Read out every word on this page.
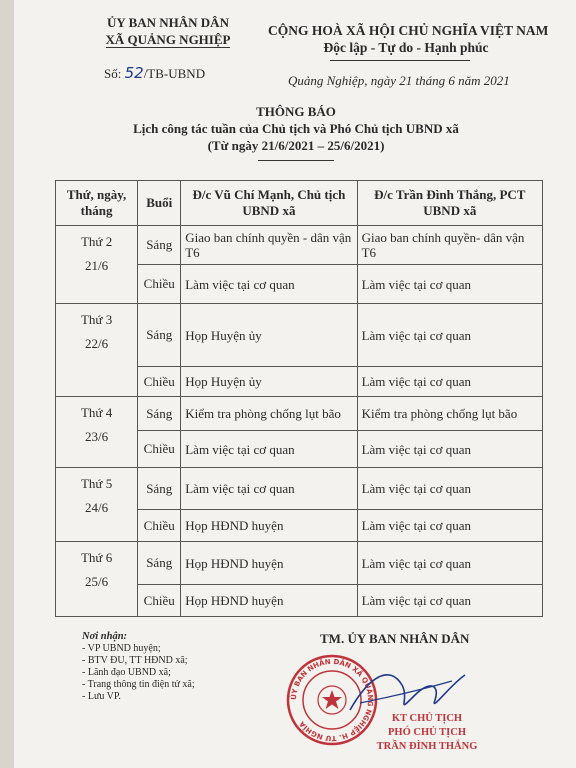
ỦY BAN NHÂN DÂN
XÃ QUẢNG NGHIỆP
CỘNG HOÀ XÃ HỘI CHỦ NGHĨA VIỆT NAM
Độc lập - Tự do - Hạnh phúc
Số: 52/TB-UBND	Quảng Nghiệp, ngày 21 tháng 6 năm 2021
THÔNG BÁO
Lịch công tác tuần của Chủ tịch và Phó Chủ tịch UBND xã
(Từ ngày 21/6/2021 – 25/6/2021)
Thứ, ngày, tháng	Buổi	Đ/c Vũ Chí Mạnh, Chủ tịch UBND xã	Đ/c Trần Đình Thắng, PCT UBND xã

Thứ 2
21/6	Sáng	Giao ban chính quyền - dân vận T6	Giao ban chính quyền- dân vận T6
	Chiều	Làm việc tại cơ quan	Làm việc tại cơ quan

Thứ 3
22/6	Sáng	Họp Huyện ủy	Làm việc tại cơ quan
	Chiều	Họp Huyện ủy	Làm việc tại cơ quan

Thứ 4
23/6	Sáng	Kiểm tra phòng chống lụt bão	Kiểm tra phòng chống lụt bão
	Chiều	Làm việc tại cơ quan	Làm việc tại cơ quan

Thứ 5
24/6	Sáng	Làm việc tại cơ quan	Làm việc tại cơ quan
	Chiều	Họp HĐND huyện	Làm việc tại cơ quan

Thứ 6
25/6	Sáng	Họp HĐND huyện	Làm việc tại cơ quan
	Chiều	Họp HĐND huyện	Làm việc tại cơ quan
Nơi nhận:
- VP UBND huyện;
- BTV ĐU, TT HĐND xã;
- Lãnh đạo UBND xã;
- Trang thông tin điện tử xã;
- Lưu VP.
TM. ỦY BAN NHÂN DÂN
ỦY BAN NHÂN DÂN XÃ QUẢNG NGHIỆP H. TƯ NGHĨA
KT CHỦ TỊCH
PHÓ CHỦ TỊCH
TRẦN ĐÌNH THẮNG
